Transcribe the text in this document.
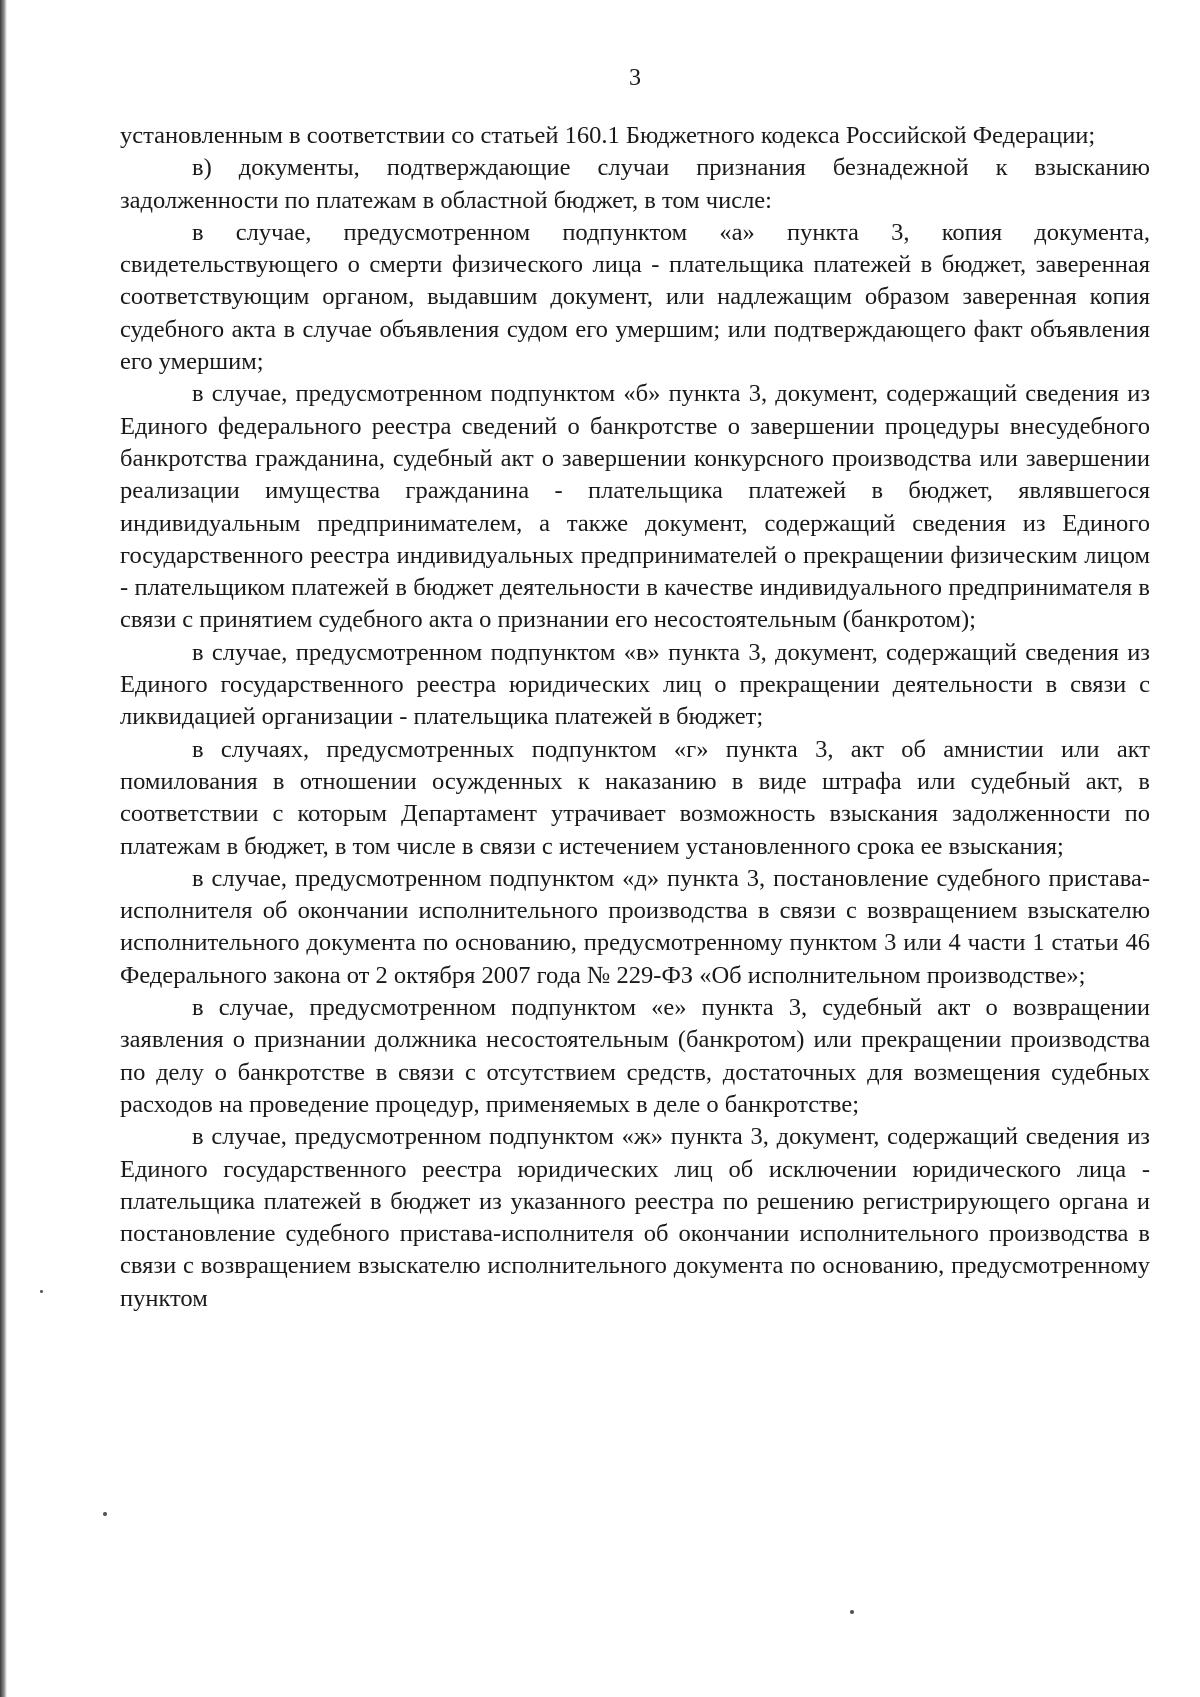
3

установленным в соответствии со статьей 160.1 Бюджетного кодекса Российской Федерации;

в) документы, подтверждающие случаи признания безнадежной к взысканию задолженности по платежам в областной бюджет, в том числе:

в случае, предусмотренном подпунктом «а» пункта 3, копия документа, свидетельствующего о смерти физического лица - плательщика платежей в бюджет, заверенная соответствующим органом, выдавшим документ, или надлежащим образом заверенная копия судебного акта в случае объявления судом его умершим; или подтверждающего факт объявления его умершим;

в случае, предусмотренном подпунктом «б» пункта 3, документ, содержащий сведения из Единого федерального реестра сведений о банкротстве о завершении процедуры внесудебного банкротства гражданина, судебный акт о завершении конкурсного производства или завершении реализации имущества гражданина - плательщика платежей в бюджет, являвшегося индивидуальным предпринимателем, а также документ, содержащий сведения из Единого государственного реестра индивидуальных предпринимателей о прекращении физическим лицом - плательщиком платежей в бюджет деятельности в качестве индивидуального предпринимателя в связи с принятием судебного акта о признании его несостоятельным (банкротом);

в случае, предусмотренном подпунктом «в» пункта 3, документ, содержащий сведения из Единого государственного реестра юридических лиц о прекращении деятельности в связи с ликвидацией организации - плательщика платежей в бюджет;

в случаях, предусмотренных подпунктом «г» пункта 3, акт об амнистии или акт помилования в отношении осужденных к наказанию в виде штрафа или судебный акт, в соответствии с которым Департамент утрачивает возможность взыскания задолженности по платежам в бюджет, в том числе в связи с истечением установленного срока ее взыскания;

в случае, предусмотренном подпунктом «д» пункта 3, постановление судебного пристава-исполнителя об окончании исполнительного производства в связи с возвращением взыскателю исполнительного документа по основанию, предусмотренному пунктом 3 или 4 части 1 статьи 46 Федерального закона от 2 октября 2007 года № 229-ФЗ «Об исполнительном производстве»;

в случае, предусмотренном подпунктом «е» пункта 3, судебный акт о возвращении заявления о признании должника несостоятельным (банкротом) или прекращении производства по делу о банкротстве в связи с отсутствием средств, достаточных для возмещения судебных расходов на проведение процедур, применяемых в деле о банкротстве;

в случае, предусмотренном подпунктом «ж» пункта 3, документ, содержащий сведения из Единого государственного реестра юридических лиц об исключении юридического лица - плательщика платежей в бюджет из указанного реестра по решению регистрирующего органа и постановление судебного пристава-исполнителя об окончании исполнительного производства в связи с возвращением взыскателю исполнительного документа по основанию, предусмотренному пунктом
